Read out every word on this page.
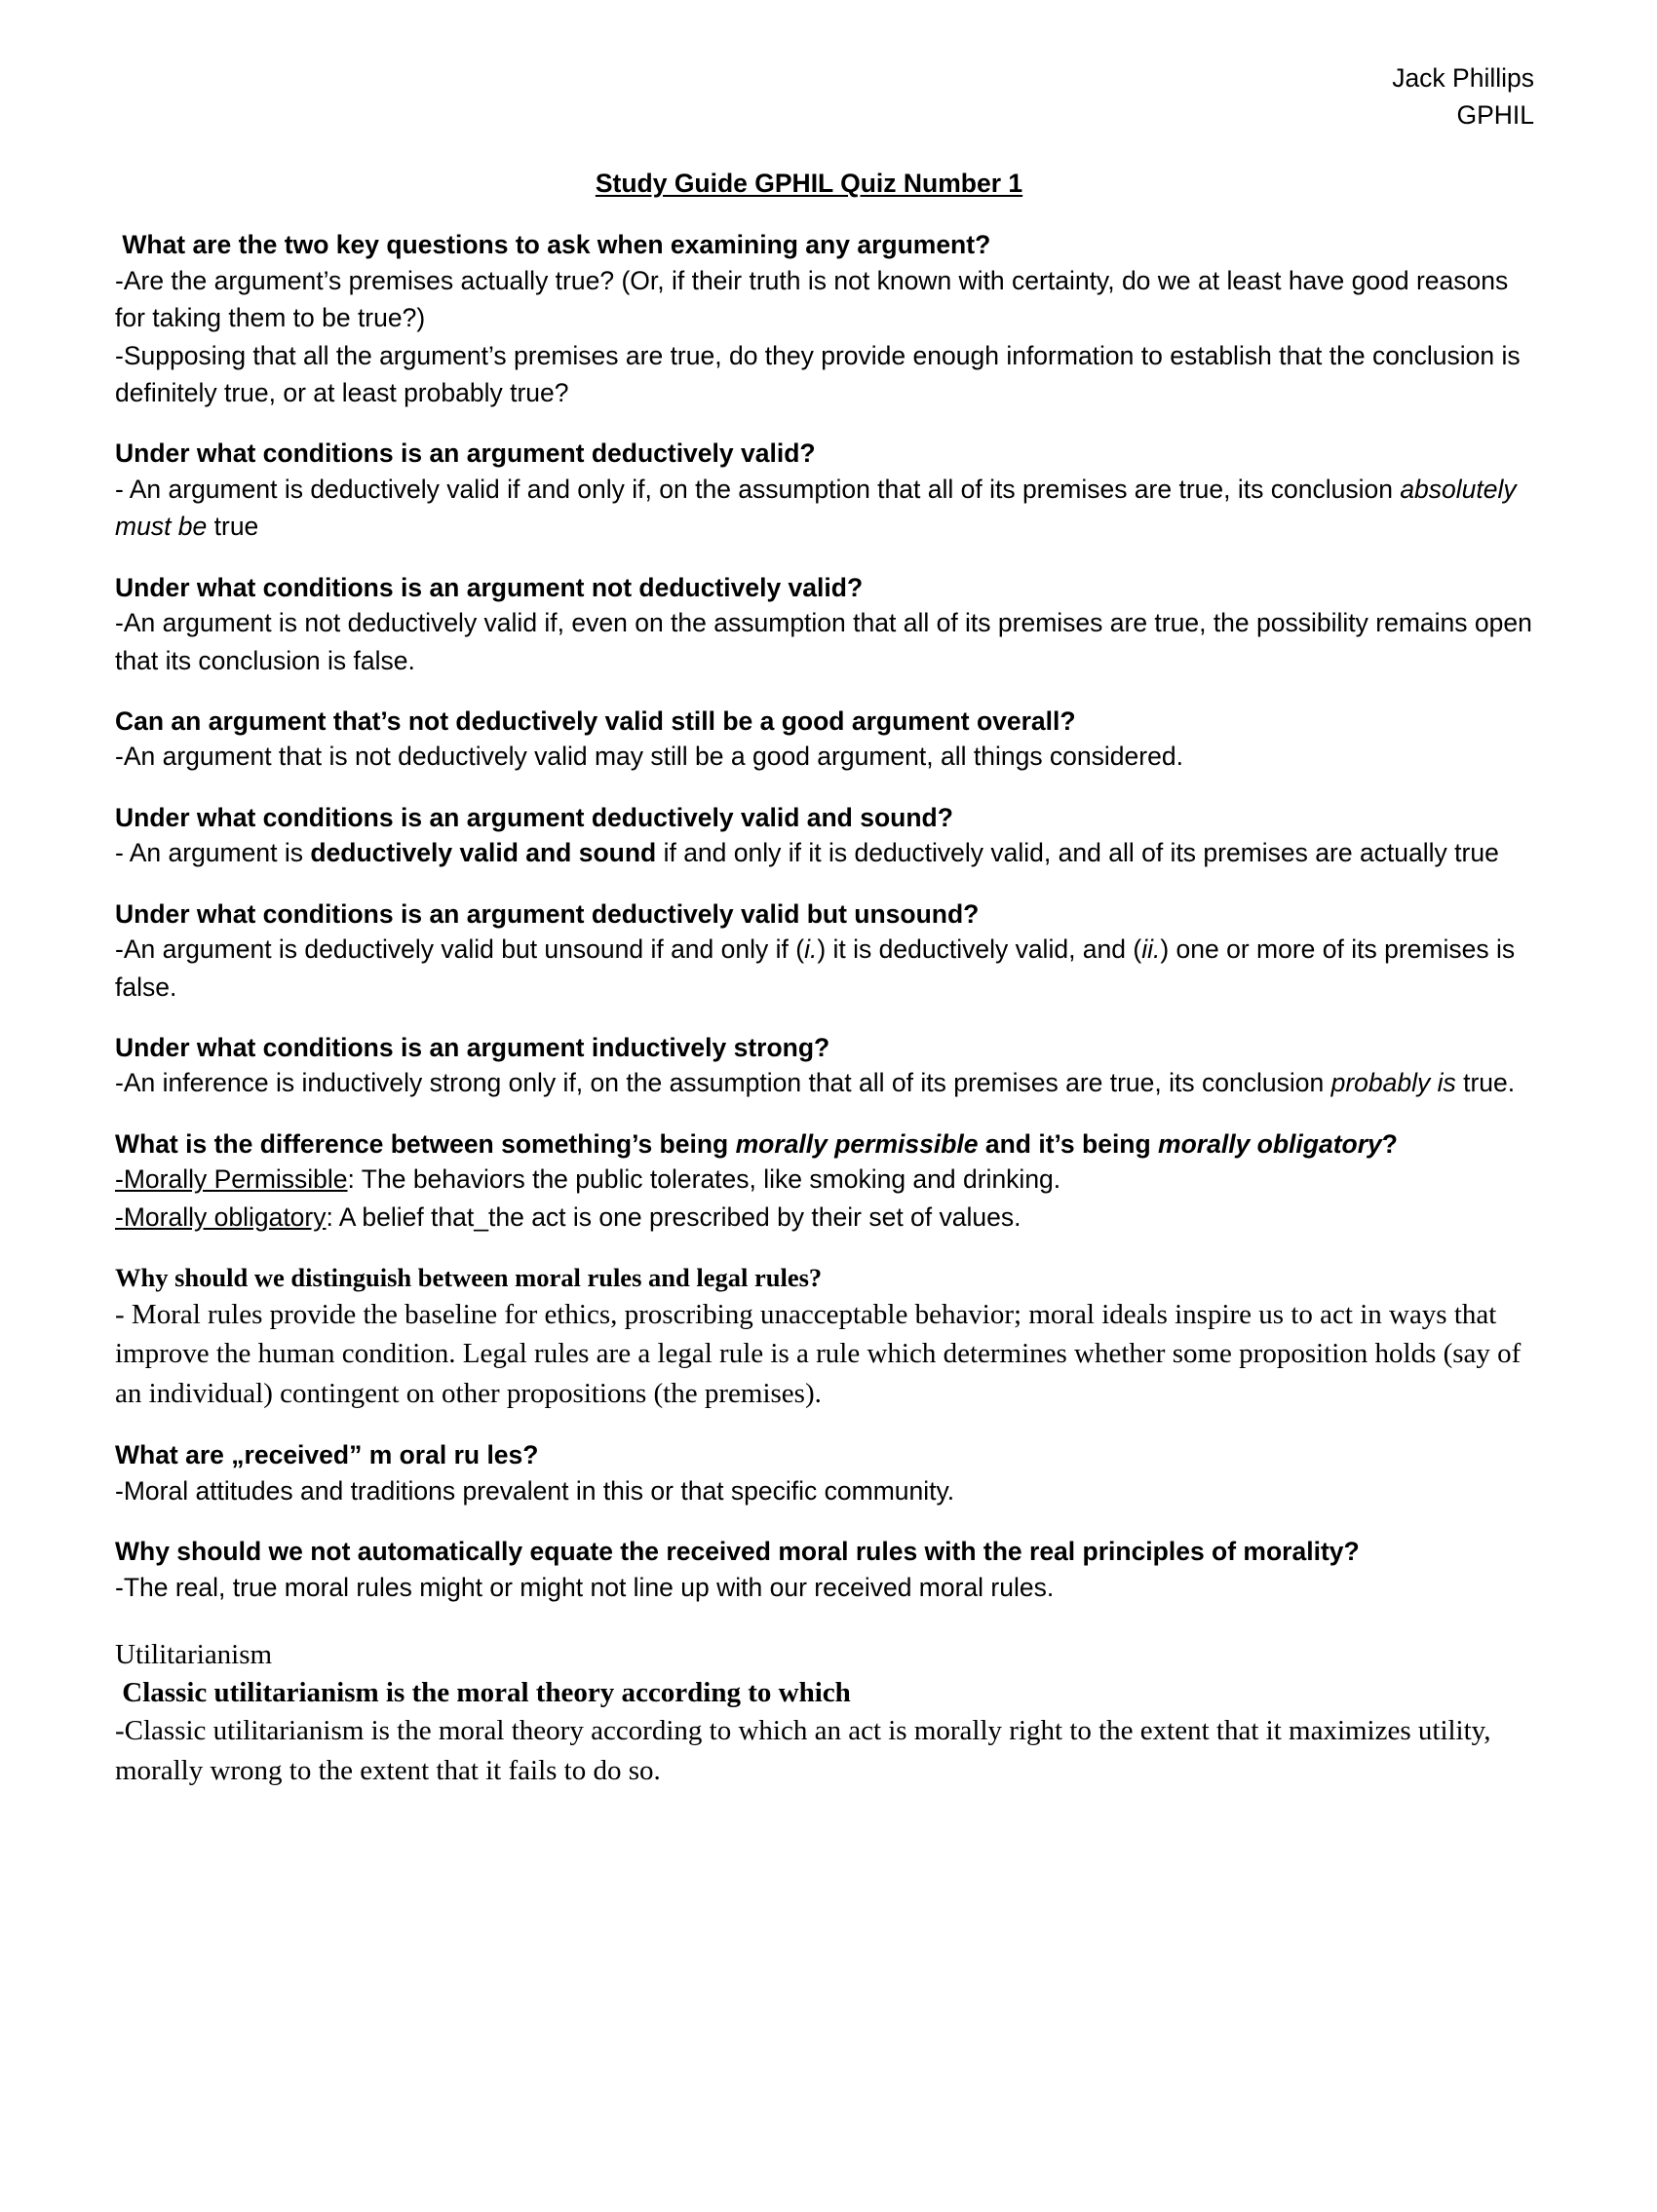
Jack Phillips
GPHIL
Study Guide GPHIL Quiz Number 1

What are the two key questions to ask when examining any argument?

-Are the argument’s premises actually true? (Or, if their truth is not known with certainty, do we at least have good reasons for taking them to be true?)

-Supposing that all the argument’s premises are true, do they provide enough information to establish that the conclusion is definitely true, or at least probably true?

Under what conditions is an argument deductively valid?

- An argument is deductively valid if and only if, on the assumption that all of its premises are true, its conclusion absolutely must be true

Under what conditions is an argument not deductively valid?

-An argument is not deductively valid if, even on the assumption that all of its premises are true, the possibility remains open that its conclusion is false.

Can an argument that’s not deductively valid still be a good argument overall?

-An argument that is not deductively valid may still be a good argument, all things considered.

Under what conditions is an argument deductively valid and sound?

- An argument is deductively valid and sound if and only if it is deductively valid, and all of its premises are actually true

Under what conditions is an argument deductively valid but unsound?

-An argument is deductively valid but unsound if and only if (i.) it is deductively valid, and (ii.) one or more of its premises is false.

Under what conditions is an argument inductively strong?

-An inference is inductively strong only if, on the assumption that all of its premises are true, its conclusion probably is true.

What is the difference between something’s being morally permissible and it’s being morally obligatory?

-Morally Permissible: The behaviors the public tolerates, like smoking and drinking.

-Morally obligatory: A belief that_the act is one prescribed by their set of values.

Why should we distinguish between moral rules and legal rules?

- Moral rules provide the baseline for ethics, proscribing unacceptable behavior; moral ideals inspire us to act in ways that improve the human condition. Legal rules are a legal rule is a rule which determines whether some proposition holds (say of an individual) contingent on other propositions (the premises).

What are „received” m oral ru les?

-Moral attitudes and traditions prevalent in this or that specific community.

Why should we not automatically equate the received moral rules with the real principles of morality?

-The real, true moral rules might or might not line up with our received moral rules.

Utilitarianism

Classic utilitarianism is the moral theory according to which

-Classic utilitarianism is the moral theory according to which an act is morally right to the extent that it maximizes utility, morally wrong to the extent that it fails to do so.
